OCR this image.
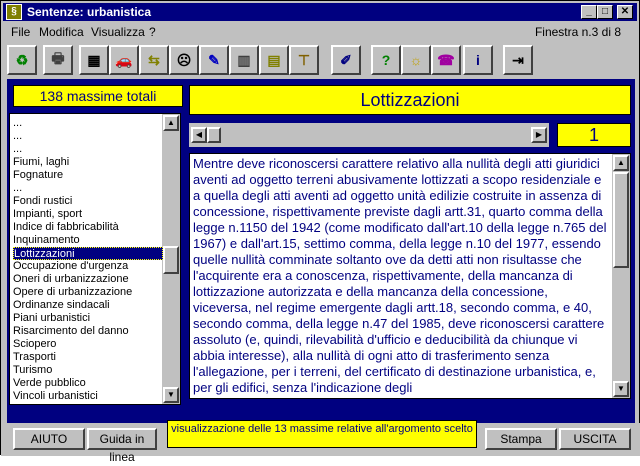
§ Sentenze: urbanistica	_	□	✕
File Modifica Visualizza ?	Finestra n.3 di 8
♻	🖶	▦	🚗	⇆	☹	✎	▥	▤	⊤	✐	?	☼	☎	i	⇥
138 massime totali	Lottizzazioni
◀	▶	1
▲
▼
...
...
...
Fiumi, laghi
Fognature
...
Fondi rustici
Impianti, sport
Indice di fabbricabilità
Inquinamento
Lottizzazioni
Occupazione d'urgenza
Oneri di urbanizzazione
Opere di urbanizzazione
Ordinanze sindacali
Piani urbanistici
Risarcimento del danno
Sciopero
Trasporti
Turismo
Verde pubblico
Vincoli urbanistici
Mentre deve riconoscersi carattere relativo alla nullità degli atti giuridici aventi ad oggetto terreni abusivamente lottizzati a scopo residenziale e a quella degli atti aventi ad oggetto unità edilizie costruite in assenza di concessione, rispettivamente previste dagli artt.31, quarto comma della legge n.1150 del 1942 (come modificato dall'art.10 della legge n.765 del 1967) e dall'art.15, settimo comma, della legge n.10 del 1977, essendo quelle nullità comminate soltanto ove da detti atti non risultasse che l'acquirente era a conoscenza, rispettivamente, della mancanza di lottizzazione autorizzata e della mancanza della concessione, viceversa, nel regime emergente dagli artt.18, secondo comma, e 40, secondo comma, della legge n.47 del 1985, deve riconoscersi carattere assoluto (e, quindi, rilevabilità d'ufficio e deducibilità da chiunque vi abbia interesse), alla nullità di ogni atto di trasferimento senza l'allegazione, per i terreni, del certificato di destinazione urbanistica, e, per gli edifici, senza l'indicazione degli
▲
▼
AIUTO	Guida in linea
visualizzazione delle 13 massime relative all'argomento scelto
Stampa	USCITA
